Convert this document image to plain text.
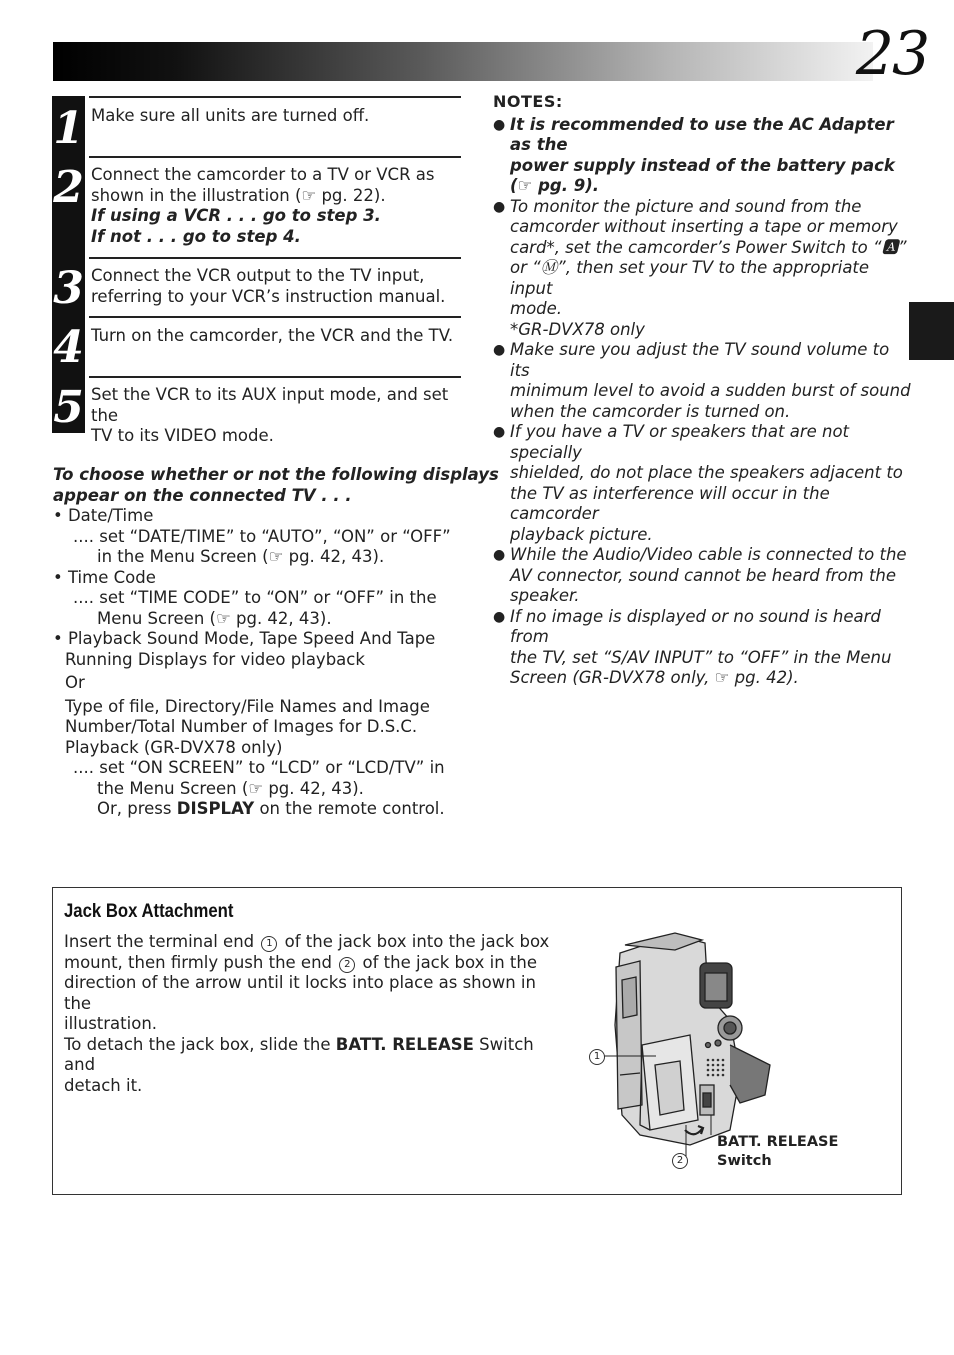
23
1
2
3
4
5
Make sure all units are turned off.
Connect the camcorder to a TV or VCR as
shown in the illustration (☞ pg. 22).
If using a VCR . . . go to step 3.
If not . . . go to step 4.
Connect the VCR output to the TV input,
referring to your VCR’s instruction manual.
Turn on the camcorder, the VCR and the TV.
Set the VCR to its AUX input mode, and set the
TV to its VIDEO mode.
To choose whether or not the following displays
appear on the connected TV . . .
• Date/Time
.... set “DATE/TIME” to “AUTO”, “ON” or “OFF”
in the Menu Screen (☞ pg. 42, 43).
• Time Code
.... set “TIME CODE” to “ON” or “OFF” in the
Menu Screen (☞ pg. 42, 43).
• Playback Sound Mode, Tape Speed And Tape
Running Displays for video playback
Or
Type of file, Directory/File Names and Image
Number/Total Number of Images for D.S.C.
Playback (GR-DVX78 only)
.... set “ON SCREEN” to “LCD” or “LCD/TV” in
the Menu Screen (☞ pg. 42, 43).
Or, press DISPLAY on the remote control.
NOTES:
● It is recommended to use the AC Adapter as the
power supply instead of the battery pack
(☞ pg. 9).
● To monitor the picture and sound from the
camcorder without inserting a tape or memory
card*, set the camcorder’s Power Switch to “🅰”
or “Ⓜ”, then set your TV to the appropriate input
mode.
*GR-DVX78 only
● Make sure you adjust the TV sound volume to its
minimum level to avoid a sudden burst of sound
when the camcorder is turned on.
● If you have a TV or speakers that are not specially
shielded, do not place the speakers adjacent to
the TV as interference will occur in the camcorder
playback picture.
● While the Audio/Video cable is connected to the
AV connector, sound cannot be heard from the
speaker.
● If no image is displayed or no sound is heard from
the TV, set “S/AV INPUT” to “OFF” in the Menu
Screen (GR-DVX78 only, ☞ pg. 42).
Jack Box Attachment
Insert the terminal end 1 of the jack box into the jack box
mount, then firmly push the end 2 of the jack box in the
direction of the arrow until it locks into place as shown in the
illustration.
To detach the jack box, slide the BATT. RELEASE Switch and
detach it.
1
2
BATT. RELEASE
Switch
